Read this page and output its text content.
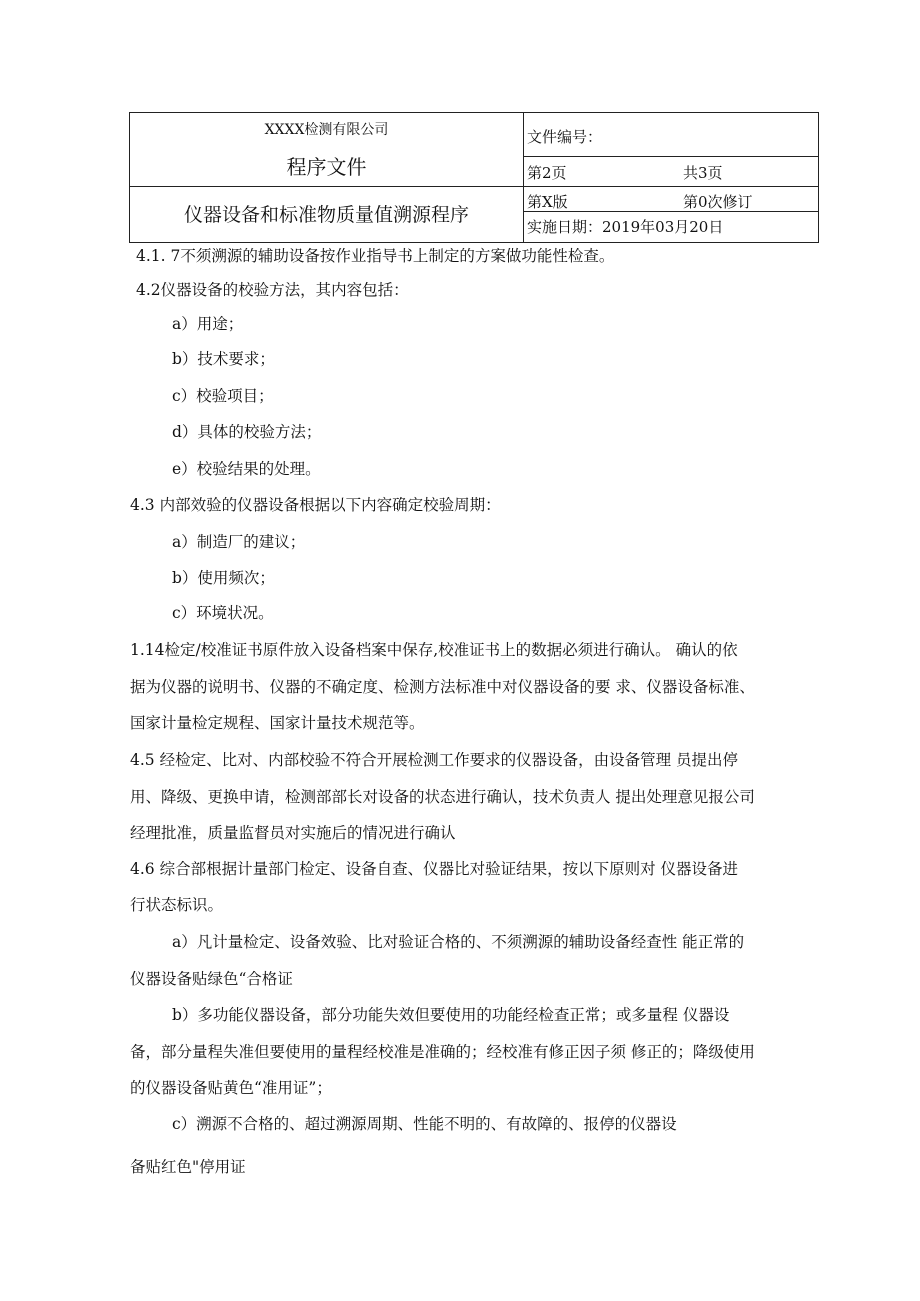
XXXX检测有限公司
程序文件
仪器设备和标准物质量值溯源程序
文件编号：
第2页	共3页
第X版	第0次修订
实施日期：2019年03月20日
4.1. 7不须溯源的辅助设备按作业指导书上制定的方案做功能性检查。
4.2仪器设备的校验方法，其内容包括：
a）用途；
b）技术要求；
c）校验项目；
d）具体的校验方法；
e）校验结果的处理。
4.3 内部效验的仪器设备根据以下内容确定校验周期：
a）制造厂的建议；
b）使用频次；
c）环境状况。
1.14检定/校准证书原件放入设备档案中保存,校准证书上的数据必须进行确认。 确认的依
据为仪器的说明书、仪器的不确定度、检测方法标准中对仪器设备的要 求、仪器设备标准、
国家计量检定规程、国家计量技术规范等。
4.5 经检定、比对、内部校验不符合开展检测工作要求的仪器设备，由设备管理 员提出停
用、降级、更换申请，检测部部长对设备的状态进行确认，技术负责人 提出处理意见报公司
经理批准，质量监督员对实施后的情况进行确认
4.6 综合部根据计量部门检定、设备自查、仪器比对验证结果，按以下原则对 仪器设备进
行状态标识。
a）凡计量检定、设备效验、比对验证合格的、不须溯源的辅助设备经查性 能正常的
仪器设备贴绿色“合格证
b）多功能仪器设备，部分功能失效但要使用的功能经检查正常；或多量程 仪器设
备，部分量程失准但要使用的量程经校准是准确的；经校准有修正因子须 修正的；降级使用
的仪器设备贴黄色“准用证”；
c）溯源不合格的、超过溯源周期、性能不明的、有故障的、报停的仪器设
备贴红色"停用证
